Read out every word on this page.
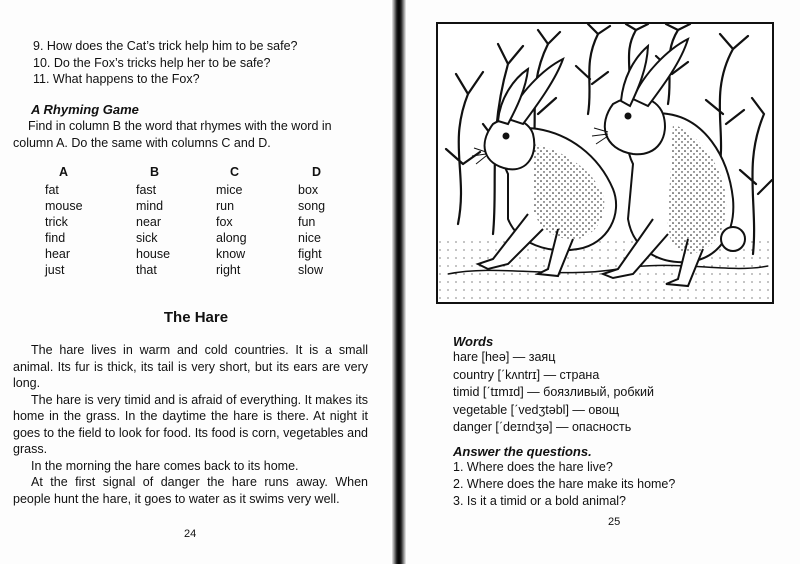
9. How does the Cat’s trick help him to be safe?
10. Do the Fox’s tricks help her to be safe?
11. What happens to the Fox?
A Rhyming Game

Find in column B the word that rhymes with the word in

column A. Do the same with columns C and D.

A
fat
mouse
trick
find
hear
just
B
fast
mind
near
sick
house
that
C
mice
run
fox
along
know
right
D
box
song
fun
nice
fight
slow
The Hare

The hare lives in warm and cold countries. It is a small animal. Its fur is thick, its tail is very short, but its ears are very long.

The hare is very timid and is afraid of everything. It makes its home in the grass. In the daytime the hare is there. At night it goes to the field to look for food. Its food is corn, vegetables and grass.

In the morning the hare comes back to its home.

At the first signal of danger the hare runs away. When people hunt the hare, it goes to water as it swims very well.

24
Words
hare [heə] — заяц
country [ˊkʌntrɪ] — страна
timid [ˊtɪmɪd] — боязливый, робкий
vegetable [ˊvedʒtəbl] — овощ
danger [ˊdeɪndʒə] — опасность
Answer the questions.
1. Where does the hare live?
2. Where does the hare make its home?
3. Is it a timid or a bold animal?
25
